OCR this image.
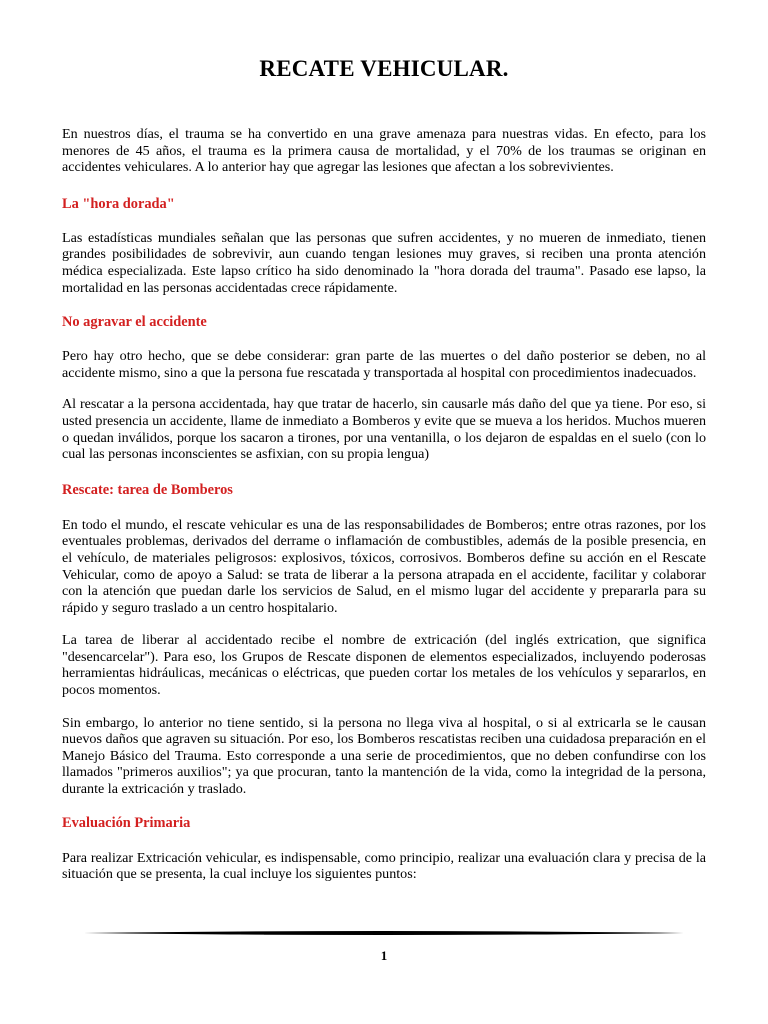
RECATE VEHICULAR.

En nuestros días, el trauma se ha convertido en una grave amenaza para nuestras vidas. En efecto, para los menores de 45 años, el trauma es la primera causa de mortalidad, y el 70% de los traumas se originan en accidentes vehiculares. A lo anterior hay que agregar las lesiones que afectan a los sobrevivientes.

La "hora dorada"

Las estadísticas mundiales señalan que las personas que sufren accidentes, y no mueren de inmediato, tienen grandes posibilidades de sobrevivir, aun cuando tengan lesiones muy graves, si reciben una pronta atención médica especializada. Este lapso crítico ha sido denominado la "hora dorada del trauma". Pasado ese lapso, la mortalidad en las personas accidentadas crece rápidamente.

No agravar el accidente

Pero hay otro hecho, que se debe considerar: gran parte de las muertes o del daño posterior se deben, no al accidente mismo, sino a que la persona fue rescatada y transportada al hospital con procedimientos inadecuados.

Al rescatar a la persona accidentada, hay que tratar de hacerlo, sin causarle más daño del que ya tiene. Por eso, si usted presencia un accidente, llame de inmediato a Bomberos y evite que se mueva a los heridos. Muchos mueren o quedan inválidos, porque los sacaron a tirones, por una ventanilla, o los dejaron de espaldas en el suelo (con lo cual las personas inconscientes se asfixian, con su propia lengua)

Rescate: tarea de Bomberos

En todo el mundo, el rescate vehicular es una de las responsabilidades de Bomberos; entre otras razones, por los eventuales problemas, derivados del derrame o inflamación de combustibles, además de la posible presencia, en el vehículo, de materiales peligrosos: explosivos, tóxicos, corrosivos. Bomberos define su acción en el Rescate Vehicular, como de apoyo a Salud: se trata de liberar a la persona atrapada en el accidente, facilitar y colaborar con la atención que puedan darle los servicios de Salud, en el mismo lugar del accidente y prepararla para su rápido y seguro traslado a un centro hospitalario.

La tarea de liberar al accidentado recibe el nombre de extricación (del inglés extrication, que significa "desencarcelar"). Para eso, los Grupos de Rescate disponen de elementos especializados, incluyendo poderosas herramientas hidráulicas, mecánicas o eléctricas, que pueden cortar los metales de los vehículos y separarlos, en pocos momentos.

Sin embargo, lo anterior no tiene sentido, si la persona no llega viva al hospital, o si al extricarla se le causan nuevos daños que agraven su situación. Por eso, los Bomberos rescatistas reciben una cuidadosa preparación en el Manejo Básico del Trauma. Esto corresponde a una serie de procedimientos, que no deben confundirse con los llamados "primeros auxilios"; ya que procuran, tanto la mantención de la vida, como la integridad de la persona, durante la extricación y traslado.

Evaluación Primaria

Para realizar Extricación vehicular, es indispensable, como principio, realizar una evaluación clara y precisa de la situación que se presenta, la cual incluye los siguientes puntos:

1
